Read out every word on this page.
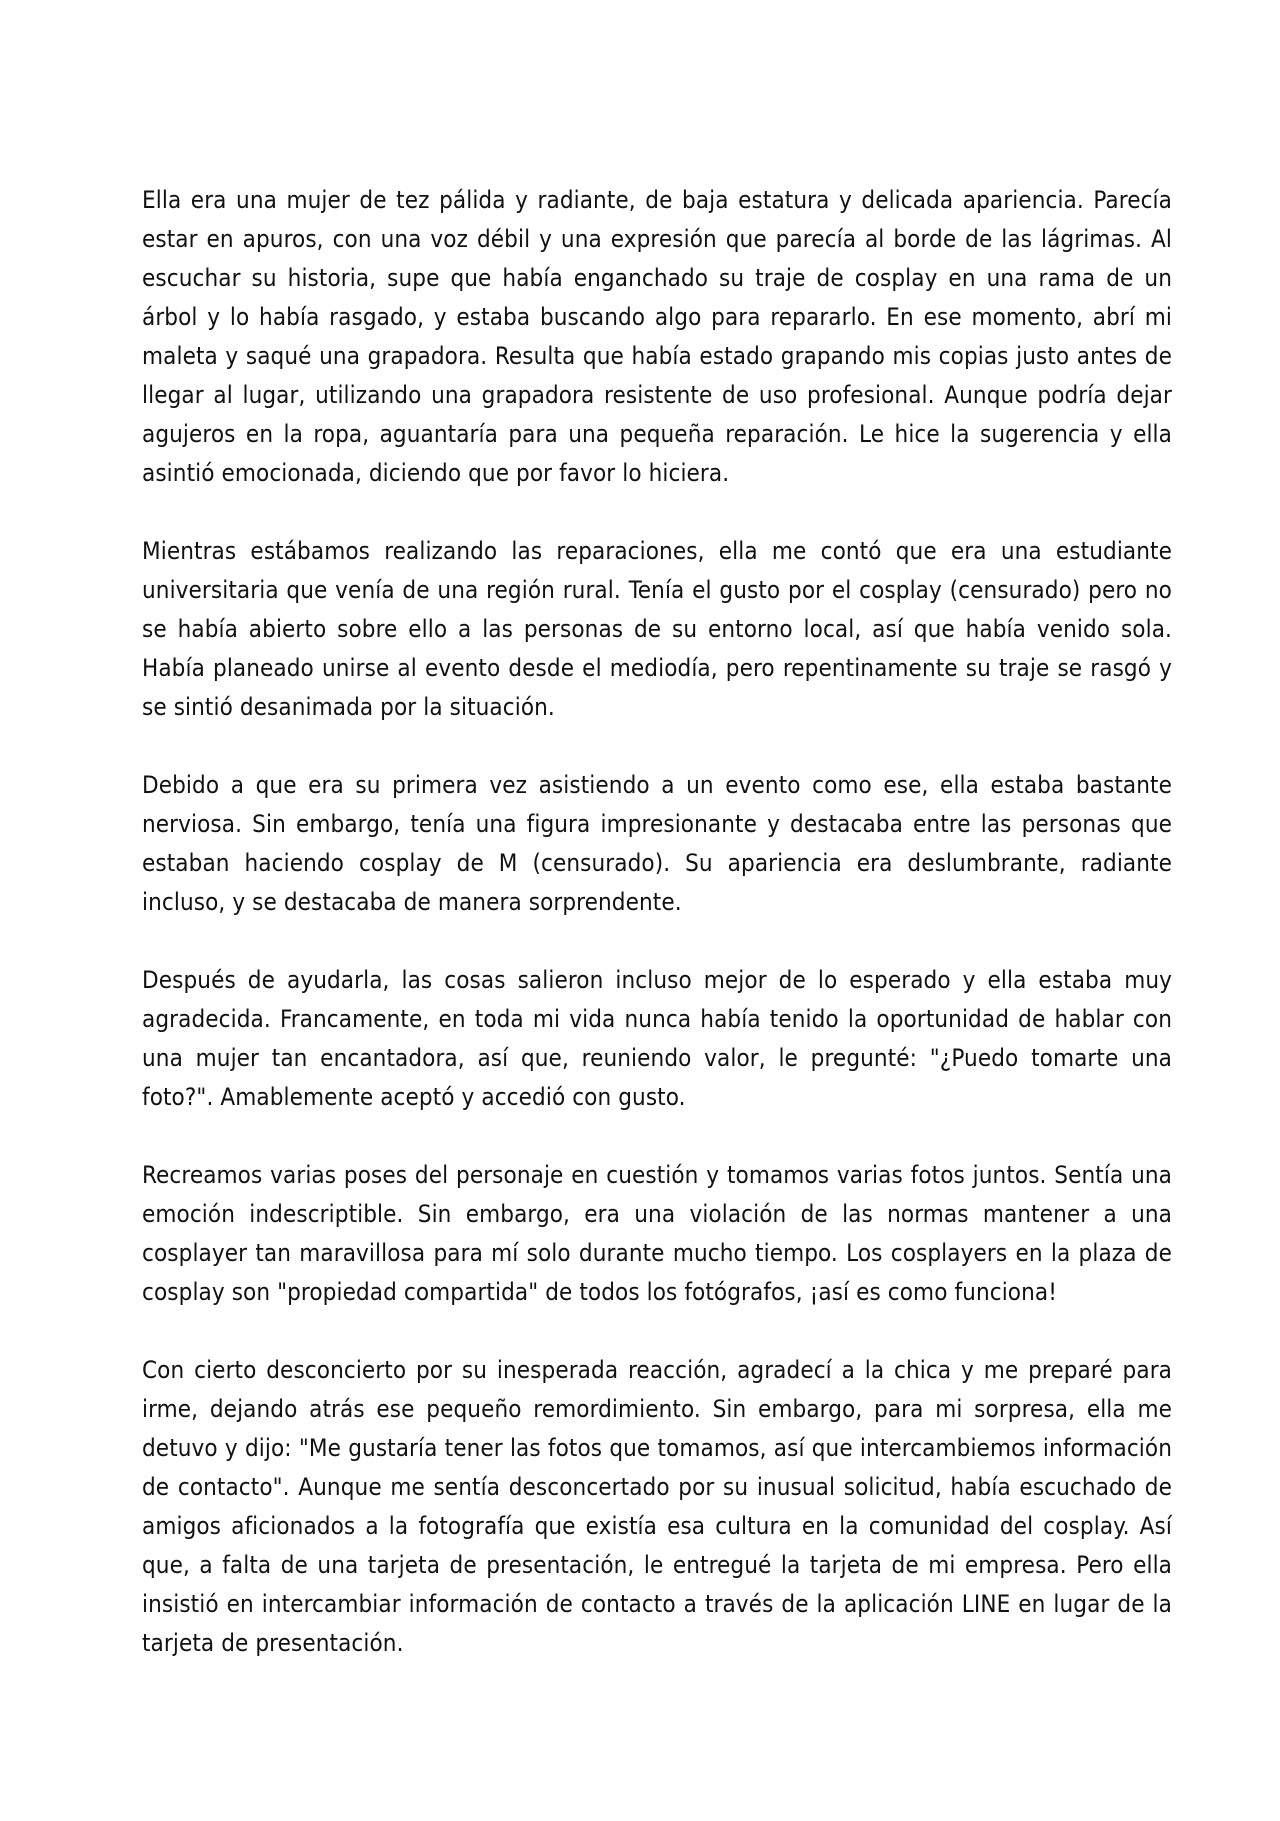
Ella era una mujer de tez pálida y radiante, de baja estatura y delicada apariencia. Parecía estar en apuros, con una voz débil y una expresión que parecía al borde de las lágrimas. Al escuchar su historia, supe que había enganchado su traje de cosplay en una rama de un árbol y lo había rasgado, y estaba buscando algo para repararlo. En ese momento, abrí mi maleta y saqué una grapadora. Resulta que había estado grapando mis copias justo antes de llegar al lugar, utilizando una grapadora resistente de uso profesional. Aunque podría dejar agujeros en la ropa, aguantaría para una pequeña reparación. Le hice la sugerencia y ella asintió emocionada, diciendo que por favor lo hiciera.

Mientras estábamos realizando las reparaciones, ella me contó que era una estudiante universitaria que venía de una región rural. Tenía el gusto por el cosplay (censurado) pero no se había abierto sobre ello a las personas de su entorno local, así que había venido sola. Había planeado unirse al evento desde el mediodía, pero repentinamente su traje se rasgó y se sintió desanimada por la situación.

Debido a que era su primera vez asistiendo a un evento como ese, ella estaba bastante nerviosa. Sin embargo, tenía una figura impresionante y destacaba entre las personas que estaban haciendo cosplay de M (censurado). Su apariencia era deslumbrante, radiante incluso, y se destacaba de manera sorprendente.

Después de ayudarla, las cosas salieron incluso mejor de lo esperado y ella estaba muy agradecida. Francamente, en toda mi vida nunca había tenido la oportunidad de hablar con una mujer tan encantadora, así que, reuniendo valor, le pregunté: "¿Puedo tomarte una foto?". Amablemente aceptó y accedió con gusto.

Recreamos varias poses del personaje en cuestión y tomamos varias fotos juntos. Sentía una emoción indescriptible. Sin embargo, era una violación de las normas mantener a una cosplayer tan maravillosa para mí solo durante mucho tiempo. Los cosplayers en la plaza de cosplay son "propiedad compartida" de todos los fotógrafos, ¡así es como funciona!

Con cierto desconcierto por su inesperada reacción, agradecí a la chica y me preparé para irme, dejando atrás ese pequeño remordimiento. Sin embargo, para mi sorpresa, ella me detuvo y dijo: "Me gustaría tener las fotos que tomamos, así que intercambiemos información de contacto". Aunque me sentía desconcertado por su inusual solicitud, había escuchado de amigos aficionados a la fotografía que existía esa cultura en la comunidad del cosplay. Así que, a falta de una tarjeta de presentación, le entregué la tarjeta de mi empresa. Pero ella insistió en intercambiar información de contacto a través de la aplicación LINE en lugar de la tarjeta de presentación.
